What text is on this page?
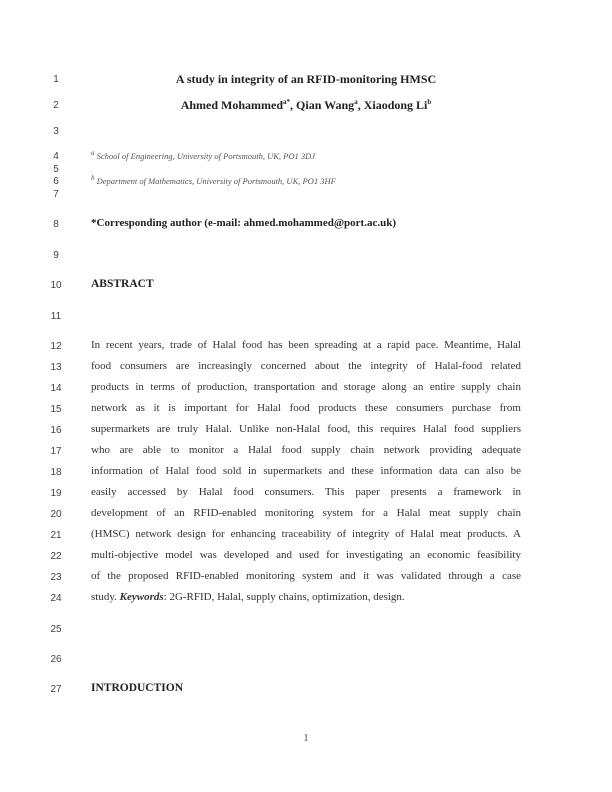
1
2
3
4
5
6
7
8
9
10
11
12
13
14
15
16
17
18
19
20
21
22
23
24
25
26
27
A study in integrity of an RFID-monitoring HMSC
Ahmed Mohammed$^{a*}$, Qian Wang$^a$, Xiaodong Li$^b$
$^a$ School of Engineering, University of Portsmouth, UK, PO1 3DJ
$^b$ Department of Mathematics, University of Portsmouth, UK, PO1 3HF
*Corresponding author (e-mail: ahmed.mohammed@port.ac.uk)
ABSTRACT
In recent years, trade of Halal food has been spreading at a rapid pace. Meantime, Halal
food consumers are increasingly concerned about the integrity of Halal-food related
products in terms of production, transportation and storage along an entire supply chain
network as it is important for Halal food products these consumers purchase from
supermarkets are truly Halal. Unlike non-Halal food, this requires Halal food suppliers
who are able to monitor a Halal food supply chain network providing adequate
information of Halal food sold in supermarkets and these information data can also be
easily accessed by Halal food consumers. This paper presents a framework in
development of an RFID-enabled monitoring system for a Halal meat supply chain
(HMSC) network design for enhancing traceability of integrity of Halal meat products. A
multi-objective model was developed and used for investigating an economic feasibility
of the proposed RFID-enabled monitoring system and it was validated through a case
study. Keywords: 2G-RFID, Halal, supply chains, optimization, design.
INTRODUCTION
1
